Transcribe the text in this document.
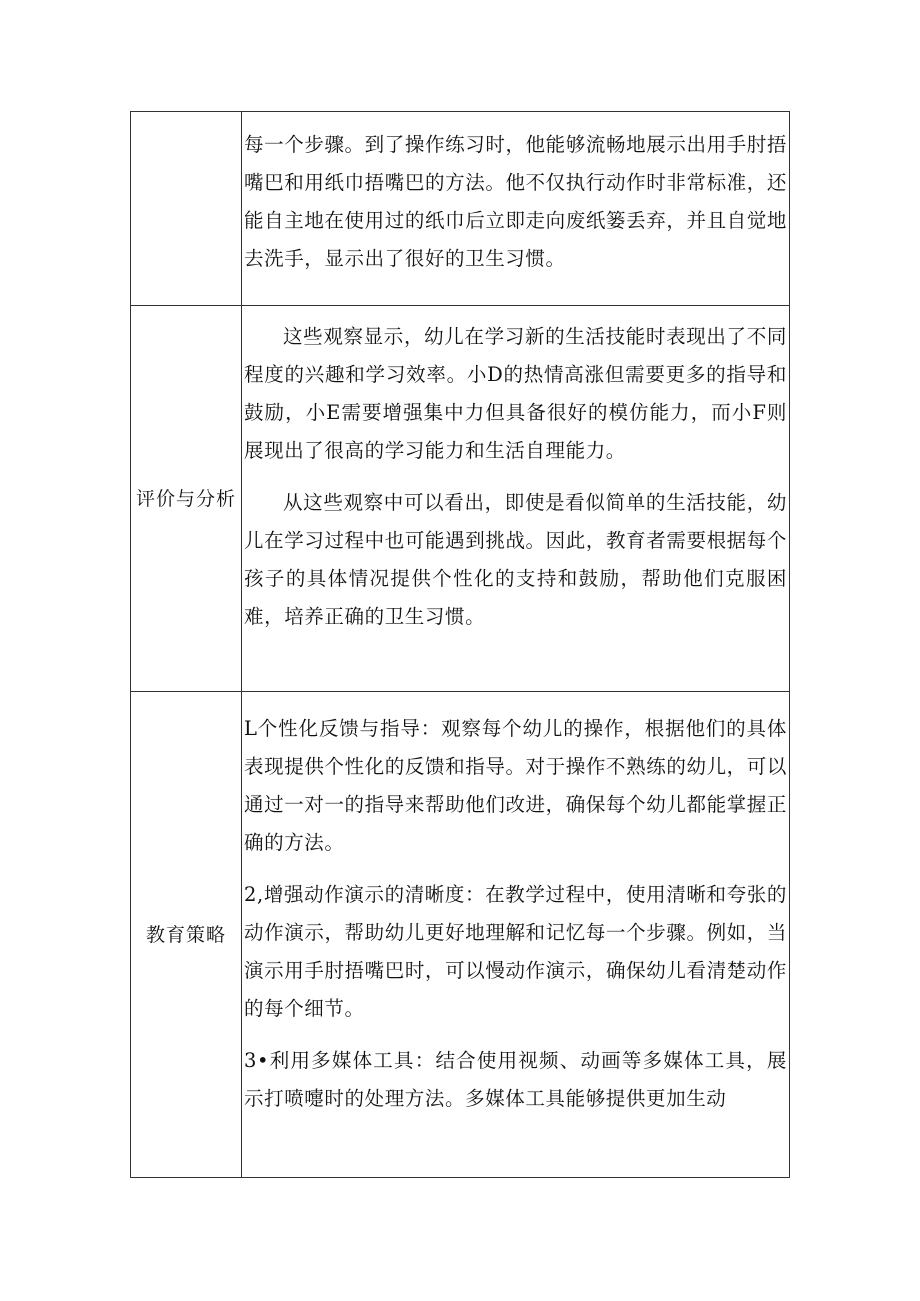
	每一个步骤。到了操作练习时，他能够流畅地展示出用手肘捂嘴巴和用纸巾捂嘴巴的方法。他不仅执行动作时非常标准，还能自主地在使用过的纸巾后立即走向废纸篓丢弃，并且自觉地去洗手，显示出了很好的卫生习惯。

评价与分析	这些观察显示，幼儿在学习新的生活技能时表现出了不同程度的兴趣和学习效率。小D的热情高涨但需要更多的指导和鼓励，小E需要增强集中力但具备很好的模仿能力，而小F则展现出了很高的学习能力和生活自理能力。

从这些观察中可以看出，即使是看似简单的生活技能，幼儿在学习过程中也可能遇到挑战。因此，教育者需要根据每个孩子的具体情况提供个性化的支持和鼓励，帮助他们克服困难，培养正确的卫生习惯。

教育策略	L个性化反馈与指导：观察每个幼儿的操作，根据他们的具体表现提供个性化的反馈和指导。对于操作不熟练的幼儿，可以通过一对一的指导来帮助他们改进，确保每个幼儿都能掌握正确的方法。

2,增强动作演示的清晰度：在教学过程中，使用清晰和夸张的动作演示，帮助幼儿更好地理解和记忆每一个步骤。例如，当演示用手肘捂嘴巴时，可以慢动作演示，确保幼儿看清楚动作的每个细节。

3•利用多媒体工具：结合使用视频、动画等多媒体工具，展示打喷嚏时的处理方法。多媒体工具能够提供更加生动
